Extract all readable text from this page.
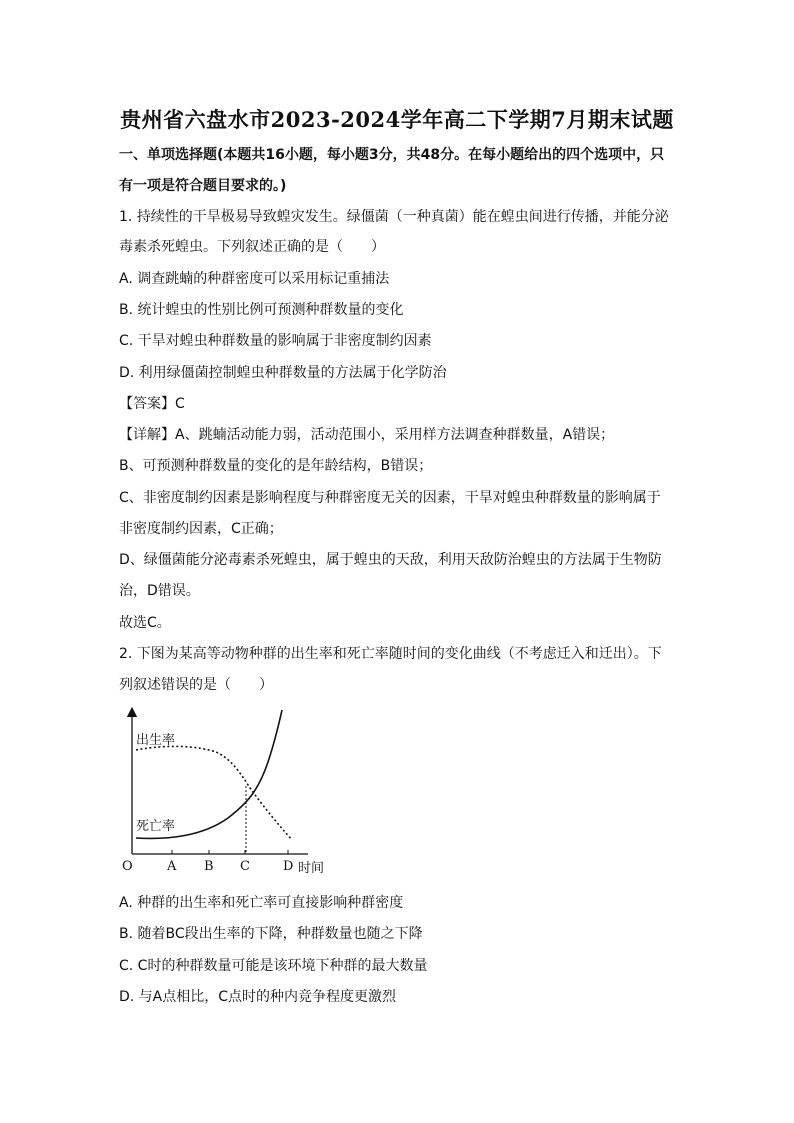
贵州省六盘水市2023-2024学年高二下学期7月期末试题
一、单项选择题(本题共16小题，每小题3分，共48分。在每小题给出的四个选项中，只
有一项是符合题目要求的。)
1. 持续性的干旱极易导致蝗灾发生。绿僵菌（一种真菌）能在蝗虫间进行传播，并能分泌
毒素杀死蝗虫。下列叙述正确的是（　　）
A. 调查跳蝻的种群密度可以采用标记重捕法
B. 统计蝗虫的性别比例可预测种群数量的变化
C. 干旱对蝗虫种群数量的影响属于非密度制约因素
D. 利用绿僵菌控制蝗虫种群数量的方法属于化学防治
【答案】C
【详解】A、跳蝻活动能力弱，活动范围小，采用样方法调查种群数量，A错误；
B、可预测种群数量的变化的是年龄结构，B错误；
C、非密度制约因素是影响程度与种群密度无关的因素，干旱对蝗虫种群数量的影响属于
非密度制约因素，C正确；
D、绿僵菌能分泌毒素杀死蝗虫，属于蝗虫的天敌，利用天敌防治蝗虫的方法属于生物防
治，D错误。
故选C。
2. 下图为某高等动物种群的出生率和死亡率随时间的变化曲线（不考虑迁入和迁出）。下
列叙述错误的是（　　）
出生率
死亡率
O	A B C	D 时间
A. 种群的出生率和死亡率可直接影响种群密度
B. 随着BC段出生率的下降，种群数量也随之下降
C. C时的种群数量可能是该环境下种群的最大数量
D. 与A点相比，C点时的种内竞争程度更激烈
